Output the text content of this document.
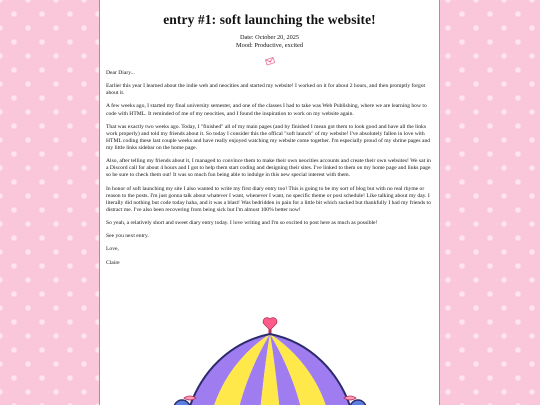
entry #1: soft launching the website!
Date: October 20, 2025
Mood: Productive, excited

Dear Diary...

Earlier this year I learned about the indie web and neocities and started my website! I worked on it for about 2 hours, and then promptly forgot about it.

A few weeks ago, I started my final university semester, and one of the classes I had to take was Web Publishing, where we are learning how to code with HTML. It reminded of me of my neocities, and I found the inspiration to work on my website again.

That was exactly two weeks ago. Today, I "finished" all of my main pages (and by finished I mean got them to look good and have all the links work properly) and told my friends about it. So today I consider this the offical "soft launch" of my website! I've absolutely fallen in love with HTML coding these last couple weeks and have really enjoyed watching my website come together. I'm especially proud of my shrine pages and my little links sidebar on the home page.

Also, after telling my friends about it, I managed to convince them to make their own neocities accounts and create their own websites! We sat in a Discord call for about 4 hours and I got to help them start coding and designing their sites. I've linked to them on my home page and links page so be sure to check them out! It was so much fun being able to indulge in this new special interest with them.

In honor of soft launching my site I also wanted to write my first diary entry too! This is going to be my sort of blog but with no real rhyme or reason to the posts. I'm just gonna talk about whatever I want, whenever I want, no specific theme or post schedule! Like talking about my day. I literally did nothing but code today haha, and it was a blast! Was bedridden in pain for a little bit which sucked but thankfully I had my friends to distract me. I've also been recovering from being sick but I'm almost 100% better now!

So yeah, a relatively short and sweet diary entry today. I love writing and I'm so excited to post here as much as possible!

See you next entry.

Love,

Claire
